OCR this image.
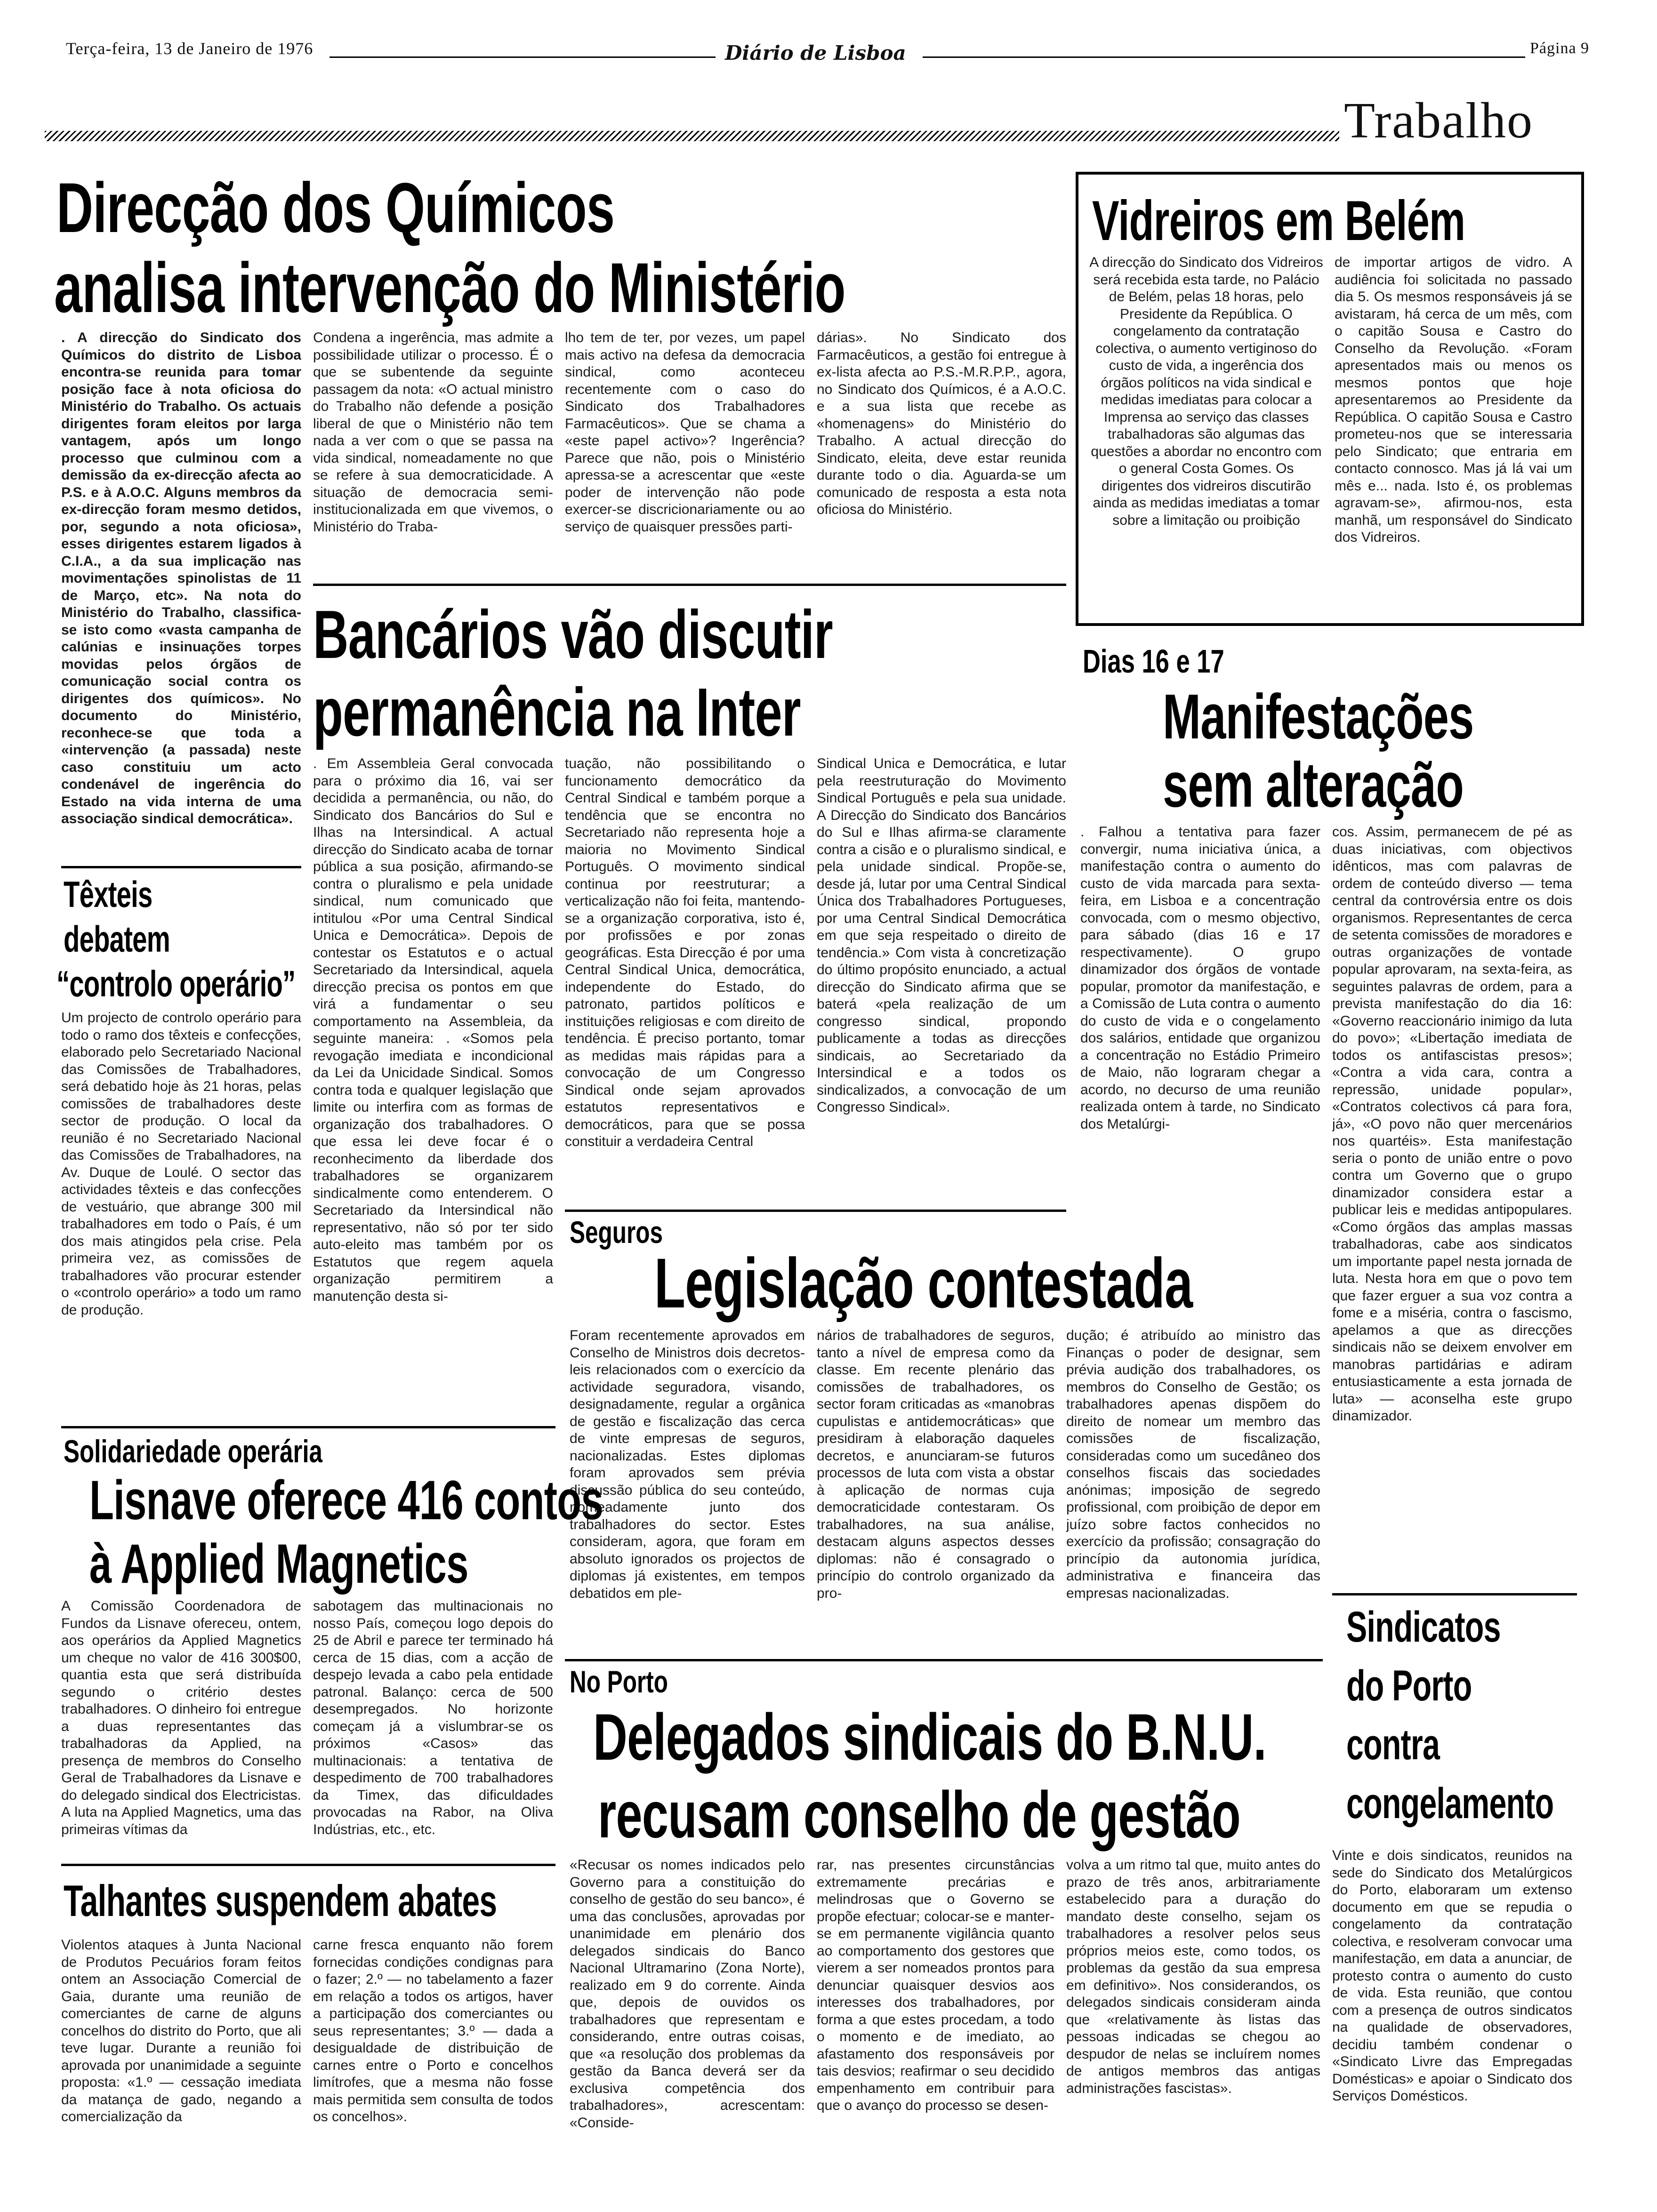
Terça-feira, 13 de Janeiro de 1976	Diário de Lisboa	Página 9
Trabalho
Direcção dos Químicos
analisa intervenção do Ministério
. A direcção do Sindicato dos Químicos do distrito de Lisboa encontra-se reunida para tomar posição face à nota oficiosa do Ministério do Trabalho. Os actuais dirigentes foram eleitos por larga vantagem, após um longo processo que culminou com a demissão da ex-direcção afecta ao P.S. e à A.O.C. Alguns membros da ex-direcção foram mesmo detidos, por, segundo a nota oficiosa», esses dirigentes estarem ligados à C.I.A., a da sua implicação nas movimentações spinolistas de 11 de Março, etc». Na nota do Ministério do Trabalho, classifica-se isto como «vasta campanha de calúnias e insinuações torpes movidas pelos órgãos de comunicação social contra os dirigentes dos químicos». No documento do Ministério, reconhece-se que toda a «intervenção (a passada) neste caso constituiu um acto condenável de ingerência do Estado na vida interna de uma associação sindical democrática».
Condena a ingerência, mas admite a possibilidade utilizar o processo. É o que se subentende da seguinte passagem da nota: «O actual ministro do Trabalho não defende a posição liberal de que o Ministério não tem nada a ver com o que se passa na vida sindical, nomeadamente no que se refere à sua democraticidade. A situação de democracia semi-institucionalizada em que vivemos, o Ministério do Traba-
lho tem de ter, por vezes, um papel mais activo na defesa da democracia sindical, como aconteceu recentemente com o caso do Sindicato dos Trabalhadores Farmacêuticos». Que se chama a «este papel activo»? Ingerência? Parece que não, pois o Ministério apressa-se a acrescentar que «este poder de intervenção não pode exercer-se discricionariamente ou ao serviço de quaisquer pressões parti-
dárias». No Sindicato dos Farmacêuticos, a gestão foi entregue à ex-lista afecta ao P.S.-M.R.P.P., agora, no Sindicato dos Químicos, é a A.O.C. e a sua lista que recebe as «homenagens» do Ministério do Trabalho. A actual direcção do Sindicato, eleita, deve estar reunida durante todo o dia. Aguarda-se um comunicado de resposta a esta nota oficiosa do Ministério.
Vidreiros em Belém
A direcção do Sindicato dos Vidreiros será recebida esta tarde, no Palácio de Belém, pelas 18 horas, pelo Presidente da República. O congelamento da contratação colectiva, o aumento vertiginoso do custo de vida, a ingerência dos órgãos políticos na vida sindical e medidas imediatas para colocar a Imprensa ao serviço das classes trabalhadoras são algumas das questões a abordar no encontro com o general Costa Gomes. Os dirigentes dos vidreiros discutirão ainda as medidas imediatas a tomar sobre a limitação ou proibição
de importar artigos de vidro. A audiência foi solicitada no passado dia 5. Os mesmos responsáveis já se avistaram, há cerca de um mês, com o capitão Sousa e Castro do Conselho da Revolução. «Foram apresentados mais ou menos os mesmos pontos que hoje apresentaremos ao Presidente da República. O capitão Sousa e Castro prometeu-nos que se interessaria pelo Sindicato; que entraria em contacto connosco. Mas já lá vai um mês e... nada. Isto é, os problemas agravam-se», afirmou-nos, esta manhã, um responsável do Sindicato dos Vidreiros.
Têxteis
debatem
“controlo operário”
Um projecto de controlo operário para todo o ramo dos têxteis e confecções, elaborado pelo Secretariado Nacional das Comissões de Trabalhadores, será debatido hoje às 21 horas, pelas comissões de trabalhadores deste sector de produção. O local da reunião é no Secretariado Nacional das Comissões de Trabalhadores, na Av. Duque de Loulé. O sector das actividades têxteis e das confecções de vestuário, que abrange 300 mil trabalhadores em todo o País, é um dos mais atingidos pela crise. Pela primeira vez, as comissões de trabalhadores vão procurar estender o «controlo operário» a todo um ramo de produção.
Bancários vão discutir
permanência na Inter
. Em Assembleia Geral convocada para o próximo dia 16, vai ser decidida a permanência, ou não, do Sindicato dos Bancários do Sul e Ilhas na Intersindical. A actual direcção do Sindicato acaba de tornar pública a sua posição, afirmando-se contra o pluralismo e pela unidade sindical, num comunicado que intitulou «Por uma Central Sindical Unica e Democrática». Depois de contestar os Estatutos e o actual Secretariado da Intersindical, aquela direcção precisa os pontos em que virá a fundamentar o seu comportamento na Assembleia, da seguinte maneira: . «Somos pela revogação imediata e incondicional da Lei da Unicidade Sindical. Somos contra toda e qualquer legislação que limite ou interfira com as formas de organização dos trabalhadores. O que essa lei deve focar é o reconhecimento da liberdade dos trabalhadores se organizarem sindicalmente como entenderem. O Secretariado da Intersindical não representativo, não só por ter sido auto-eleito mas também por os Estatutos que regem aquela organização permitirem a manutenção desta si-
tuação, não possibilitando o funcionamento democrático da Central Sindical e também porque a tendência que se encontra no Secretariado não representa hoje a maioria no Movimento Sindical Português. O movimento sindical continua por reestruturar; a verticalização não foi feita, mantendo-se a organização corporativa, isto é, por profissões e por zonas geográficas. Esta Direcção é por uma Central Sindical Unica, democrática, independente do Estado, do patronato, partidos políticos e instituições religiosas e com direito de tendência. É preciso portanto, tomar as medidas mais rápidas para a convocação de um Congresso Sindical onde sejam aprovados estatutos representativos e democráticos, para que se possa constituir a verdadeira Central
Sindical Unica e Democrática, e lutar pela reestruturação do Movimento Sindical Português e pela sua unidade. A Direcção do Sindicato dos Bancários do Sul e Ilhas afirma-se claramente contra a cisão e o pluralismo sindical, e pela unidade sindical. Propõe-se, desde já, lutar por uma Central Sindical Única dos Trabalhadores Portugueses, por uma Central Sindical Democrática em que seja respeitado o direito de tendência.» Com vista à concretização do último propósito enunciado, a actual direcção do Sindicato afirma que se baterá «pela realização de um congresso sindical, propondo publicamente a todas as direcções sindicais, ao Secretariado da Intersindical e a todos os sindicalizados, a convocação de um Congresso Sindical».
Dias 16 e 17
Manifestações
sem alteração
. Falhou a tentativa para fazer convergir, numa iniciativa única, a manifestação contra o aumento do custo de vida marcada para sexta-feira, em Lisboa e a concentração convocada, com o mesmo objectivo, para sábado (dias 16 e 17 respectivamente). O grupo dinamizador dos órgãos de vontade popular, promotor da manifestação, e a Comissão de Luta contra o aumento do custo de vida e o congelamento dos salários, entidade que organizou a concentração no Estádio Primeiro de Maio, não lograram chegar a acordo, no decurso de uma reunião realizada ontem à tarde, no Sindicato dos Metalúrgi-
cos. Assim, permanecem de pé as duas iniciativas, com objectivos idênticos, mas com palavras de ordem de conteúdo diverso — tema central da controvérsia entre os dois organismos. Representantes de cerca de setenta comissões de moradores e outras organizações de vontade popular aprovaram, na sexta-feira, as seguintes palavras de ordem, para a prevista manifestação do dia 16: «Governo reaccionário inimigo da luta do povo»; «Libertação imediata de todos os antifascistas presos»; «Contra a vida cara, contra a repressão, unidade popular», «Contratos colectivos cá para fora, já», «O povo não quer mercenários nos quartéis». Esta manifestação seria o ponto de união entre o povo contra um Governo que o grupo dinamizador considera estar a publicar leis e medidas antipopulares. «Como órgãos das amplas massas trabalhadoras, cabe aos sindicatos um importante papel nesta jornada de luta. Nesta hora em que o povo tem que fazer erguer a sua voz contra a fome e a miséria, contra o fascismo, apelamos a que as direcções sindicais não se deixem envolver em manobras partidárias e adiram entusiasticamente a esta jornada de luta» — aconselha este grupo dinamizador.
Seguros
Legislação contestada
Foram recentemente aprovados em Conselho de Ministros dois decretos-leis relacionados com o exercício da actividade seguradora, visando, designadamente, regular a orgânica de gestão e fiscalização das cerca de vinte empresas de seguros, nacionalizadas. Estes diplomas foram aprovados sem prévia discussão pública do seu conteúdo, nomeadamente junto dos trabalhadores do sector. Estes consideram, agora, que foram em absoluto ignorados os projectos de diplomas já existentes, em tempos debatidos em ple-
nários de trabalhadores de seguros, tanto a nível de empresa como da classe. Em recente plenário das comissões de trabalhadores, os sector foram criticadas as «manobras cupulistas e antidemocráticas» que presidiram à elaboração daqueles decretos, e anunciaram-se futuros processos de luta com vista a obstar à aplicação de normas cuja democraticidade contestaram. Os trabalhadores, na sua análise, destacam alguns aspectos desses diplomas: não é consagrado o princípio do controlo organizado da pro-
dução; é atribuído ao ministro das Finanças o poder de designar, sem prévia audição dos trabalhadores, os membros do Conselho de Gestão; os trabalhadores apenas dispõem do direito de nomear um membro das comissões de fiscalização, consideradas como um sucedâneo dos conselhos fiscais das sociedades anónimas; imposição de segredo profissional, com proibição de depor em juízo sobre factos conhecidos no exercício da profissão; consagração do princípio da autonomia jurídica, administrativa e financeira das empresas nacionalizadas.
Solidariedade operária
Lisnave oferece 416 contos
à Applied Magnetics
A Comissão Coordenadora de Fundos da Lisnave ofereceu, ontem, aos operários da Applied Magnetics um cheque no valor de 416 300$00, quantia esta que será distribuída segundo o critério destes trabalhadores. O dinheiro foi entregue a duas representantes das trabalhadoras da Applied, na presença de membros do Conselho Geral de Trabalhadores da Lisnave e do delegado sindical dos Electricistas. A luta na Applied Magnetics, uma das primeiras vítimas da
sabotagem das multinacionais no nosso País, começou logo depois do 25 de Abril e parece ter terminado há cerca de 15 dias, com a acção de despejo levada a cabo pela entidade patronal. Balanço: cerca de 500 desempregados. No horizonte começam já a vislumbrar-se os próximos «Casos» das multinacionais: a tentativa de despedimento de 700 trabalhadores da Timex, das dificuldades provocadas na Rabor, na Oliva Indústrias, etc., etc.
No Porto
Delegados sindicais do B.N.U.
recusam conselho de gestão
«Recusar os nomes indicados pelo Governo para a constituição do conselho de gestão do seu banco», é uma das conclusões, aprovadas por unanimidade em plenário dos delegados sindicais do Banco Nacional Ultramarino (Zona Norte), realizado em 9 do corrente. Ainda que, depois de ouvidos os trabalhadores que representam e considerando, entre outras coisas, que «a resolução dos problemas da gestão da Banca deverá ser da exclusiva competência dos trabalhadores», acrescentam: «Conside-
rar, nas presentes circunstâncias extremamente precárias e melindrosas que o Governo se propõe efectuar; colocar-se e manter-se em permanente vigilância quanto ao comportamento dos gestores que vierem a ser nomeados prontos para denunciar quaisquer desvios aos interesses dos trabalhadores, por forma a que estes procedam, a todo o momento e de imediato, ao afastamento dos responsáveis por tais desvios; reafirmar o seu decidido empenhamento em contribuir para que o avanço do processo se desen-
volva a um ritmo tal que, muito antes do prazo de três anos, arbitrariamente estabelecido para a duração do mandato deste conselho, sejam os trabalhadores a resolver pelos seus próprios meios este, como todos, os problemas da gestão da sua empresa em definitivo». Nos considerandos, os delegados sindicais consideram ainda que «relativamente às listas das pessoas indicadas se chegou ao despudor de nelas se incluírem nomes de antigos membros das antigas administrações fascistas».
Talhantes suspendem abates
Violentos ataques à Junta Nacional de Produtos Pecuários foram feitos ontem an Associação Comercial de Gaia, durante uma reunião de comerciantes de carne de alguns concelhos do distrito do Porto, que ali teve lugar. Durante a reunião foi aprovada por unanimidade a seguinte proposta: «1.º — cessação imediata da matança de gado, negando a comercialização da
carne fresca enquanto não forem fornecidas condições condignas para o fazer; 2.º — no tabelamento a fazer em relação a todos os artigos, haver a participação dos comerciantes ou seus representantes; 3.º — dada a desigualdade de distribuição de carnes entre o Porto e concelhos limítrofes, que a mesma não fosse mais permitida sem consulta de todos os concelhos».
Sindicatos
do Porto
contra
congelamento
Vinte e dois sindicatos, reunidos na sede do Sindicato dos Metalúrgicos do Porto, elaboraram um extenso documento em que se repudia o congelamento da contratação colectiva, e resolveram convocar uma manifestação, em data a anunciar, de protesto contra o aumento do custo de vida. Esta reunião, que contou com a presença de outros sindicatos na qualidade de observadores, decidiu também condenar o «Sindicato Livre das Empregadas Domésticas» e apoiar o Sindicato dos Serviços Domésticos.
